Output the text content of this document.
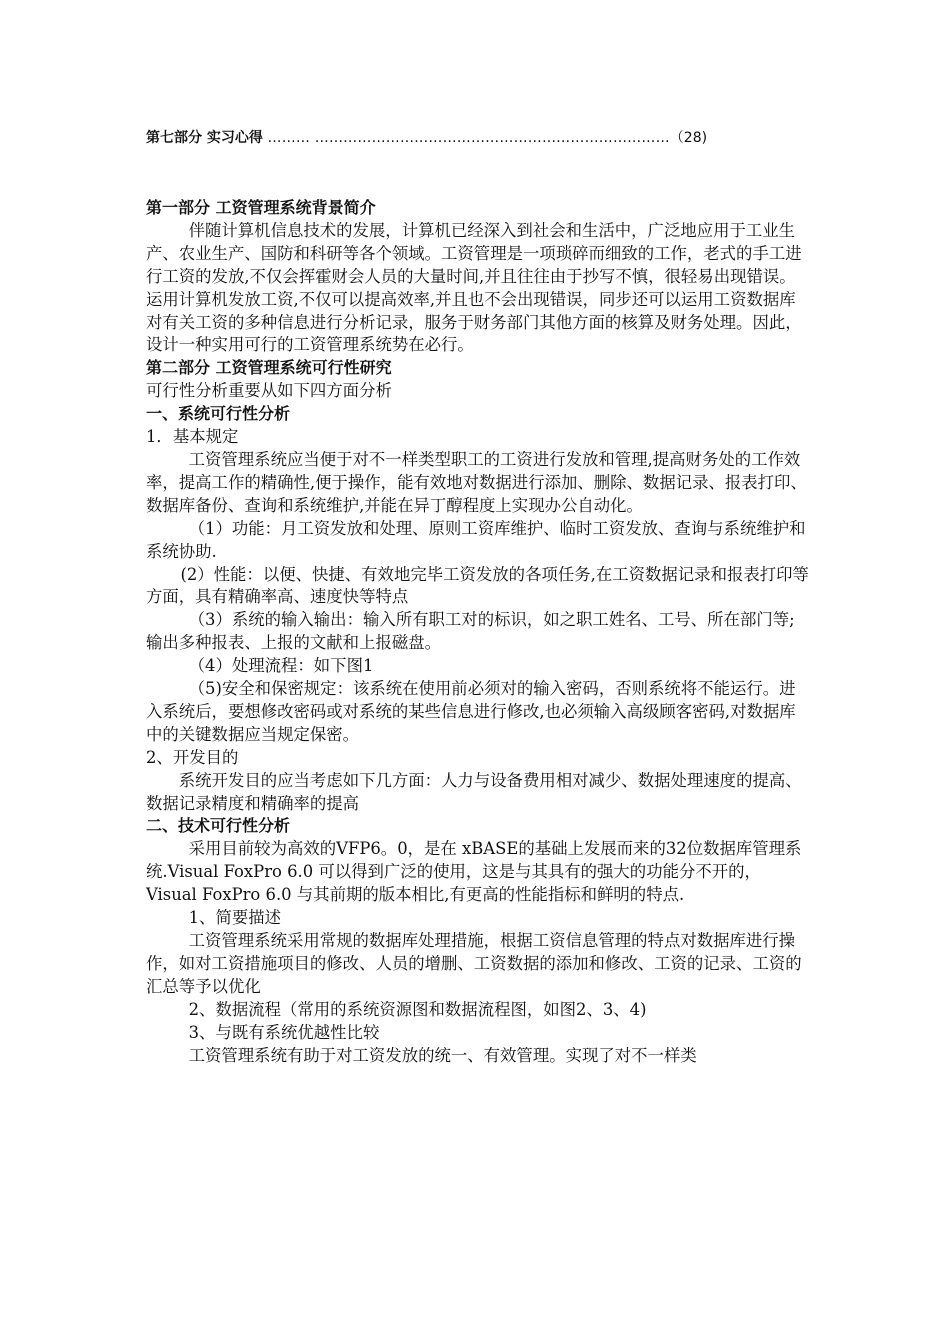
第七部分 实习心得 ……… …………………………………………………………………（28)

第一部分 工资管理系统背景简介

伴随计算机信息技术的发展，计算机已经深入到社会和生活中，广泛地应用于工业生产、农业生产、国防和科研等各个领域。工资管理是一项琐碎而细致的工作，老式的手工进行工资的发放,不仅会挥霍财会人员的大量时间,并且往往由于抄写不慎，很轻易出现错误。运用计算机发放工资,不仅可以提高效率,并且也不会出现错误，同步还可以运用工资数据库对有关工资的多种信息进行分析记录，服务于财务部门其他方面的核算及财务处理。因此，设计一种实用可行的工资管理系统势在必行。

第二部分 工资管理系统可行性研究

可行性分析重要从如下四方面分析

一、系统可行性分析

1．基本规定

工资管理系统应当便于对不一样类型职工的工资进行发放和管理,提高财务处的工作效率，提高工作的精确性,便于操作，能有效地对数据进行添加、删除、数据记录、报表打印、数据库备份、查询和系统维护,并能在异丁醇程度上实现办公自动化。

（1）功能：月工资发放和处理、原则工资库维护、临时工资发放、查询与系统维护和系统协助.

(2）性能：以便、快捷、有效地完毕工资发放的各项任务,在工资数据记录和报表打印等方面，具有精确率高、速度快等特点

（3）系统的输入输出：输入所有职工对的标识，如之职工姓名、工号、所在部门等;输出多种报表、上报的文献和上报磁盘。

（4）处理流程：如下图1

（5)安全和保密规定：该系统在使用前必须对的输入密码，否则系统将不能运行。进入系统后，要想修改密码或对系统的某些信息进行修改,也必须输入高级顾客密码,对数据库中的关键数据应当规定保密。

2、开发目的

系统开发目的应当考虑如下几方面：人力与设备费用相对减少、数据处理速度的提高、数据记录精度和精确率的提高

二、技术可行性分析

采用目前较为高效的VFP6。0，是在 xBASE的基础上发展而来的32位数据库管理系统.Visual FoxPro 6.0 可以得到广泛的使用，这是与其具有的强大的功能分不开的，Visual FoxPro 6.0 与其前期的版本相比,有更高的性能指标和鲜明的特点.

1、简要描述

工资管理系统采用常规的数据库处理措施，根据工资信息管理的特点对数据库进行操作，如对工资措施项目的修改、人员的增删、工资数据的添加和修改、工资的记录、工资的汇总等予以优化

2、数据流程（常用的系统资源图和数据流程图，如图2、3、4)

3、与既有系统优越性比较

工资管理系统有助于对工资发放的统一、有效管理。实现了对不一样类
